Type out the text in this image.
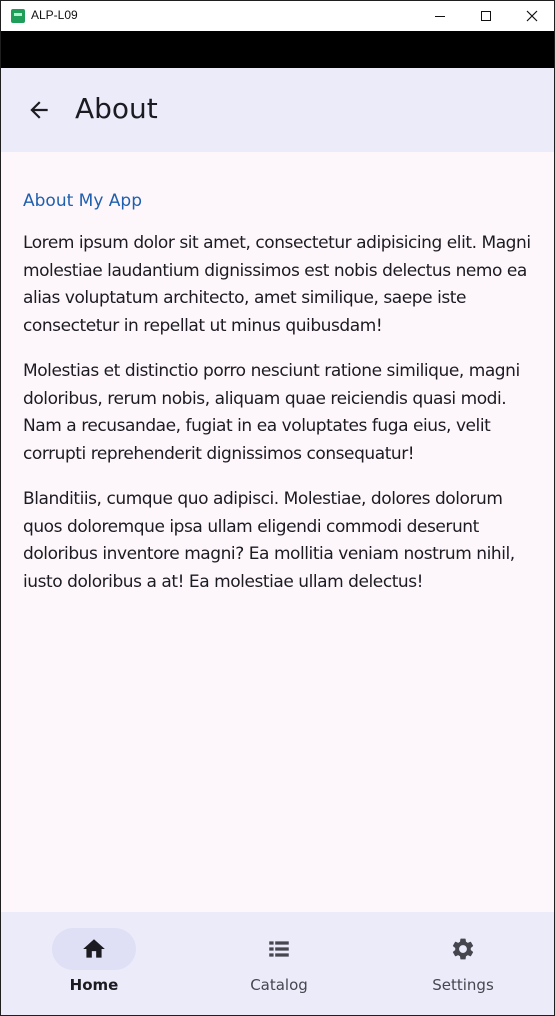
ALP-L09
About
About My App

Lorem ipsum dolor sit amet, consectetur adipisicing elit. Magni molestiae laudantium dignissimos est nobis delectus nemo ea alias voluptatum architecto, amet similique, saepe iste consectetur in repellat ut minus quibusdam!

Molestias et distinctio porro nesciunt ratione similique, magni doloribus, rerum nobis, aliquam quae reiciendis quasi modi. Nam a recusandae, fugiat in ea voluptates fuga eius, velit corrupti reprehenderit dignissimos consequatur!

Blanditiis, cumque quo adipisci. Molestiae, dolores dolorum quos doloremque ipsa ullam eligendi commodi deserunt doloribus inventore magni? Ea mollitia veniam nostrum nihil, iusto doloribus a at! Ea molestiae ullam delectus!

Home	Catalog	Settings
